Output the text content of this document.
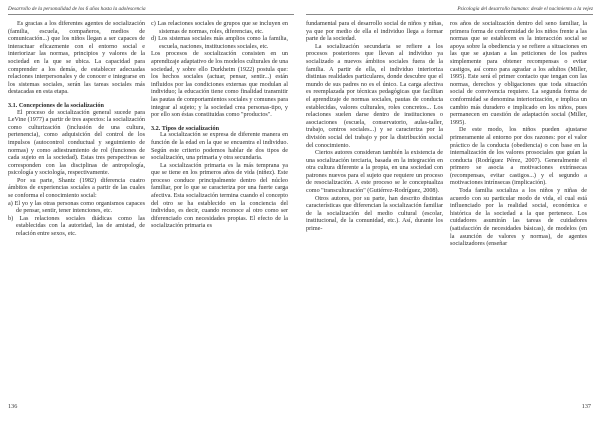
Desarrollo de la personalidad de los 6 años hasta la adolescencia

Es gracias a los diferentes agentes de socialización (familia, escuela, compañeros, medios de comunicación...) que los niños llegan a ser capaces de interactuar eficazmente con el entorno social e interiorizar las normas, principios y valores de la sociedad en la que se ubica. La capacidad para comprender a los demás, de establecer adecuadas relaciones interpersonales y de conocer e integrarse en los sistemas sociales, serán las tareas sociales más destacadas en esta etapa.

3.1. Concepciones de la socialización

El proceso de socialización general sucede para LeVine (1977) a partir de tres aspectos: la socialización como culturización (inclusión de una cultura, pertenencia), como adquisición del control de los impulsos (autocontrol conductual y seguimiento de normas) y como adiestramiento de rol (funciones de cada sujeto en la sociedad). Estas tres perspectivas se corresponden con las disciplinas de antropología, psicología y sociología, respectivamente.

Por su parte, Shantz (1982) diferencia cuatro ámbitos de experiencias sociales a partir de las cuales se conforma el conocimiento social:

a) El yo y las otras personas como organismos capaces de pensar, sentir, tener intenciones, etc.
b) Las relaciones sociales diádicas como las establecidas con la autoridad, las de amistad, de relación entre sexos, etc.
c) Las relaciones sociales de grupos que se incluyen en sistemas de normas, roles, diferencias, etc.
d) Los sistemas sociales más amplios como la familia, escuela, naciones, instituciones sociales, etc.

Los procesos de socialización consisten en un aprendizaje adaptativo de los modelos culturales de una sociedad, y sobre ello Durkheim (1922) postula que: los hechos sociales (actuar, pensar, sentir...) están influidos por las condiciones externas que modulan al individuo; la educación tiene como finalidad transmitir las pautas de comportamientos sociales y comunes para integrar al sujeto; y la sociedad crea personas-tipo, y por ello son éstas constituidas como "productos".

3.2. Tipos de socialización

La socialización se expresa de diferente manera en función de la edad en la que se encuentra el individuo. Según este criterio podemos hablar de dos tipos de socialización, una primaria y otra secundaria.

La socialización primaria es la más temprana ya que se tiene en los primeros años de vida (niñez). Este proceso conduce principalmente dentro del núcleo familiar, por lo que se caracteriza por una fuerte carga afectiva. Esta socialización termina cuando el concepto del otro se ha establecido en la conciencia del individuo, es decir, cuando reconoce al otro como ser diferenciado con necesidades propias. El efecto de la socialización primaria es

136
Psicología del desarrollo humano: desde el nacimiento a la vejez

fundamental para el desarrollo social de niños y niñas, ya que por medio de ella el individuo llega a formar parte de la sociedad.

La socialización secundaria se refiere a los procesos posteriores que llevan al individuo ya socializado a nuevos ámbitos sociales fuera de la familia. A partir de ella, el individuo interioriza distintas realidades particulares, donde descubre que el mundo de sus padres no es el único. La carga afectiva es reemplazada por técnicas pedagógicas que facilitan el aprendizaje de normas sociales, pautas de conducta establecidas, valores culturales, roles concretos... Los relaciones suelen darse dentro de instituciones o asociaciones (escuela, conservatorio, aulas-taller, trabajo, centros sociales...) y se caracteriza por la división social del trabajo y por la distribución social del conocimiento.

Ciertos autores consideran también la existencia de una socialización terciaria, basada en la integración en otra cultura diferente a la propia, en una sociedad con patrones nuevos para el sujeto que requiere un proceso de resocialización. A este proceso se le conceptualiza como "transculturación" (Gutiérrez-Rodríguez, 2008).

Otros autores, por su parte, han descrito distintas características que diferencian la socialización familiar de la socialización del medio cultural (escolar, institucional, de la comunidad, etc.). Así, durante los prime-

ros años de socialización dentro del seno familiar, la primera forma de conformidad de los niños frente a las normas que se establecen es la interacción social se apoya sobre la obediencia y se refiere a situaciones en las que se ajustan a las peticiones de los padres simplemente para obtener recompensas o evitar castigos, así como para agradar a los adultos (Miller, 1995). Este será el primer contacto que tengan con las normas, derechos y obligaciones que toda situación social de convivencia requiere. La segunda forma de conformidad se denomina interiorización, e implica un cambio más duradero e implicado en los niños, pues permanecen en cuestión de adaptación social (Miller, 1995).

De este modo, los niños pueden ajustarse primeramente al entorno por dos razones: por el valor práctico de la conducta (obediencia) o con base en la internalización de los valores prosociales que guían la conducta (Rodríguez Pérez, 2007). Generalmente el primero se asocia a motivaciones extrínsecas (recompensas, evitar castigos...) y el segundo a motivaciones intrínsecas (implicación).

Toda familia socializa a los niños y niñas de acuerdo con su particular modo de vida, el cual está influenciado por la realidad social, económica e histórica de la sociedad a la que pertenece. Los cuidadores asumirán las tareas de cuidadores (satisfacción de necesidades básicas), de modelos (en la asunción de valores y normas), de agentes socializadores (enseñar

137
